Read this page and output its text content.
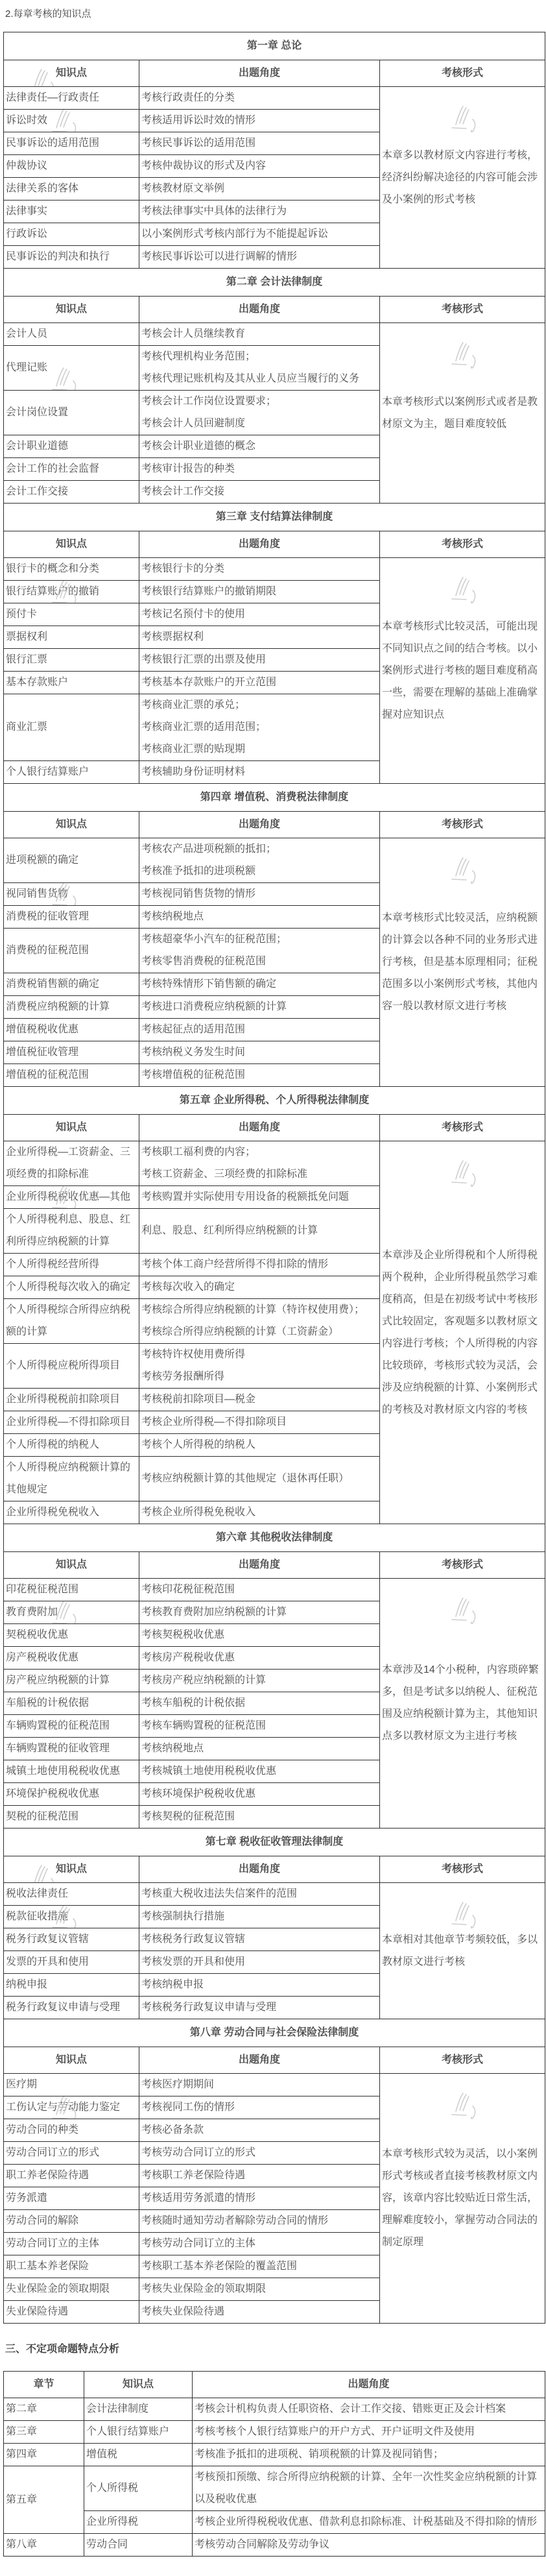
2.每章考核的知识点
第一章 总论		
知识点	出题角度	考核形式
法律责任—行政责任	考核行政责任的分类	本章多以教材原文内容进行考核，经济纠纷解决途径的内容可能会涉及小案例的形式考核

诉讼时效	考核适用诉讼时效的情形	

民事诉讼的适用范围	考核民事诉讼的适用范围	

仲裁协议	考核仲裁协议的形式及内容	

法律关系的客体	考核教材原文举例	

法律事实	考核法律事实中具体的法律行为	

行政诉讼	以小案例形式考核内部行为不能提起诉讼	

民事诉讼的判决和执行	考核民事诉讼可以进行调解的情形	

第二章 会计法律制度		
知识点	出题角度	考核形式
会计人员	考核会计人员继续教育	本章考核形式以案例形式或者是教材原文为主，题目难度较低

代理记账	考核代理机构业务范围；
考核代理记账机构及其从业人员应当履行的义务	

会计岗位设置	考核会计工作岗位设置要求；
考核会计人员回避制度	

会计职业道德	考核会计职业道德的概念	

会计工作的社会监督	考核审计报告的种类	

会计工作交接	考核会计工作交接	

第三章 支付结算法律制度		
知识点	出题角度	考核形式
银行卡的概念和分类	考核银行卡的分类	本章考核形式比较灵活，可能出现不同知识点之间的结合考核。以小案例形式进行考核的题目难度稍高一些，需要在理解的基础上准确掌握对应知识点

银行结算账户的撤销	考核银行结算账户的撤销期限	

预付卡	考核记名预付卡的使用	

票据权利	考核票据权利	

银行汇票	考核银行汇票的出票及使用	

基本存款账户	考核基本存款账户的开立范围	

商业汇票	考核商业汇票的承兑；
考核商业汇票的适用范围；
考核商业汇票的贴现期	

个人银行结算账户	考核辅助身份证明材料	

第四章 增值税、消费税法律制度		
知识点	出题角度	考核形式
进项税额的确定	考核农产品进项税额的抵扣；
考核准予抵扣的进项税额	本章考核形式比较灵活，应纳税额的计算会以各种不同的业务形式进行考核，但是基本原理相同；征税范围多以小案例形式考核，其他内容一般以教材原文进行考核

视同销售货物	考核视同销售货物的情形	

消费税的征收管理	考核纳税地点	

消费税的征税范围	考核超豪华小汽车的征税范围；
考核零售消费税的征税范围	

消费税销售额的确定	考核特殊情形下销售额的确定	

消费税应纳税额的计算	考核进口消费税应纳税额的计算	

增值税税收优惠	考核起征点的适用范围	

增值税征收管理	考核纳税义务发生时间	

增值税的征税范围	考核增值税的征税范围	

第五章 企业所得税、个人所得税法律制度		
知识点	出题角度	考核形式
企业所得税—工资薪金、三项经费的扣除标准	考核职工福利费的内容；
考核工资薪金、三项经费的扣除标准	本章涉及企业所得税和个人所得税两个税种，企业所得税虽然学习难度稍高，但是在初级考试中考核形式比较固定，客观题多以教材原文内容进行考核；个人所得税的内容比较琐碎，考核形式较为灵活，会涉及应纳税额的计算、小案例形式的考核及对教材原文内容的考核

企业所得税税收优惠—其他	考核购置并实际使用专用设备的税额抵免问题	

个人所得税利息、股息、红利所得应纳税额的计算	利息、股息、红利所得应纳税额的计算	

个人所得税经营所得	考核个体工商户经营所得不得扣除的情形	

个人所得税每次收入的确定	考核每次收入的确定	

个人所得税综合所得应纳税额的计算	考核综合所得应纳税额的计算（特许权使用费）；
考核综合所得应纳税额的计算（工资薪金）	

个人所得税应税所得项目	考核特许权使用费所得
考核劳务报酬所得	

企业所得税税前扣除项目	考核税前扣除项目—税金	

企业所得税—不得扣除项目	考核企业所得税—不得扣除项目	

个人所得税的纳税人	考核个人所得税的纳税人	

个人所得税应纳税额计算的其他规定	考核应纳税额计算的其他规定（退休再任职）	

企业所得税免税收入	考核企业所得税免税收入	

第六章 其他税收法律制度		
知识点	出题角度	考核形式
印花税征税范围	考核印花税征税范围	本章涉及14个小税种，内容琐碎繁多，但是考试多以纳税人、征税范围及应纳税额计算为主，其他知识点多以教材原文为主进行考核

教育费附加	考核教育费附加应纳税额的计算	

契税税收优惠	考核契税税收优惠	

房产税税收优惠	考核房产税税收优惠	

房产税应纳税额的计算	考核房产税应纳税额的计算	

车船税的计税依据	考核车船税的计税依据	

车辆购置税的征税范围	考核车辆购置税的征税范围	

车辆购置税的征收管理	考核纳税地点	

城镇土地使用税税收优惠	考核城镇土地使用税税收优惠	

环境保护税税收优惠	考核环境保护税税收优惠	

契税的征税范围	考核契税的征税范围	

第七章 税收征收管理法律制度		
知识点	出题角度	考核形式
税收法律责任	考核重大税收违法失信案件的范围	本章相对其他章节考频较低，多以教材原文进行考核

税款征收措施	考核强制执行措施	

税务行政复议管辖	考核税务行政复议管辖	

发票的开具和使用	考核发票的开具和使用	

纳税申报	考核纳税申报	

税务行政复议申请与受理	考核税务行政复议申请与受理	

第八章 劳动合同与社会保险法律制度		
知识点	出题角度	考核形式
医疗期	考核医疗期期间	本章考核形式较为灵活，以小案例形式考核或者直接考核教材原文内容，该章内容比较贴近日常生活，理解难度较小，掌握劳动合同法的制定原理

工伤认定与劳动能力鉴定	考核视同工伤的情形	

劳动合同的种类	考核必备条款	

劳动合同订立的形式	考核劳动合同订立的形式	

职工养老保险待遇	考核职工养老保险待遇	

劳务派遣	考核适用劳务派遣的情形	

劳动合同的解除	考核随时通知劳动者解除劳动合同的情形	

劳动合同订立的主体	考核劳动合同订立的主体	

职工基本养老保险	考核职工基本养老保险的覆盖范围	

失业保险金的领取期限	考核失业保险金的领取期限	

失业保险待遇	考核失业保险待遇	
三、不定项命题特点分析
章节	知识点	出题角度
第二章	会计法律制度	考核会计机构负责人任职资格、会计工作交接、错账更正及会计档案
第三章	个人银行结算账户	考核考核个人银行结算账户的开户方式、开户证明文件及使用
第四章	增值税	考核准予抵扣的进项税、销项税额的计算及视同销售；
第五章	个人所得税	考核预扣预缴、综合所得应纳税额的计算、全年一次性奖金应纳税额的计算以及税收优惠
	企业所得税	考核企业所得税税收优惠、借款利息扣除标准、计税基础及不得扣除的情形
第八章	劳动合同	考核劳动合同解除及劳动争议
